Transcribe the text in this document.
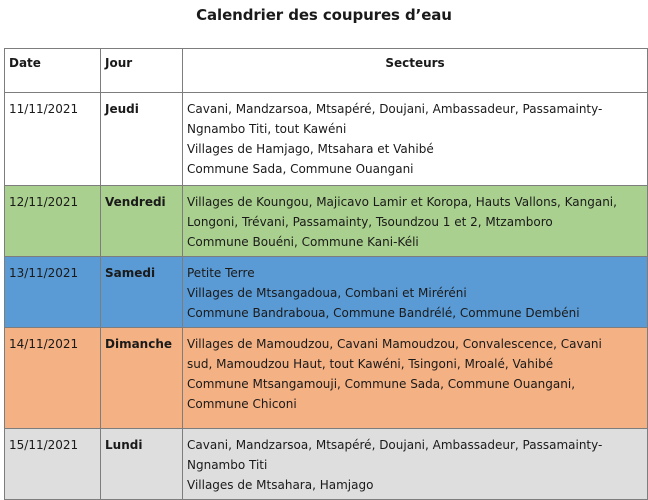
Calendrier des coupures d’eau
Date	Jour	Secteurs
11/11/2021	Jeudi	Cavani, Mandzarsoa, Mtsapéré, Doujani, Ambassadeur, Passamainty-
Ngnambo Titi, tout Kawéni
Villages de Hamjago, Mtsahara et Vahibé
Commune Sada, Commune Ouangani

12/11/2021	Vendredi	Villages de Koungou, Majicavo Lamir et Koropa, Hauts Vallons, Kangani,
Longoni, Trévani, Passamainty, Tsoundzou 1 et 2, Mtzamboro
Commune Bouéni, Commune Kani-Kéli

13/11/2021	Samedi	Petite Terre
Villages de Mtsangadoua, Combani et Miréréni
Commune Bandraboua, Commune Bandrélé, Commune Dembéni

14/11/2021	Dimanche	Villages de Mamoudzou, Cavani Mamoudzou, Convalescence, Cavani
sud, Mamoudzou Haut, tout Kawéni, Tsingoni, Mroalé, Vahibé
Commune Mtsangamouji, Commune Sada, Commune Ouangani,
Commune Chiconi

15/11/2021	Lundi	Cavani, Mandzarsoa, Mtsapéré, Doujani, Ambassadeur, Passamainty-
Ngnambo Titi
Villages de Mtsahara, Hamjago
